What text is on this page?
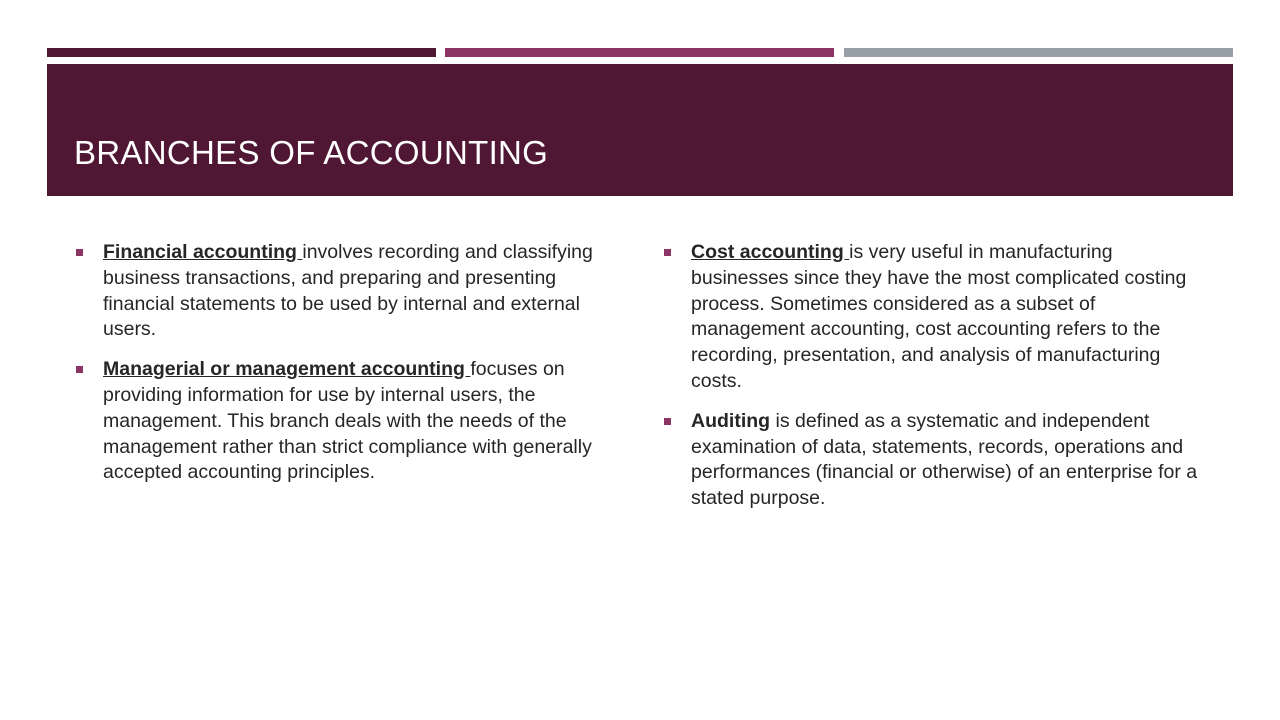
BRANCHES OF ACCOUNTING
Financial accounting involves recording and classifying business transactions, and preparing and presenting financial statements to be used by internal and external users.
Managerial or management accounting focuses on providing information for use by internal users, the management. This branch deals with the needs of the management rather than strict compliance with generally accepted accounting principles.
Cost accounting is very useful in manufacturing businesses since they have the most complicated costing process. Sometimes considered as a subset of management accounting, cost accounting refers to the recording, presentation, and analysis of manufacturing costs.
Auditing is defined as a systematic and independent examination of data, statements, records, operations and performances (financial or otherwise) of an enterprise for a stated purpose.
